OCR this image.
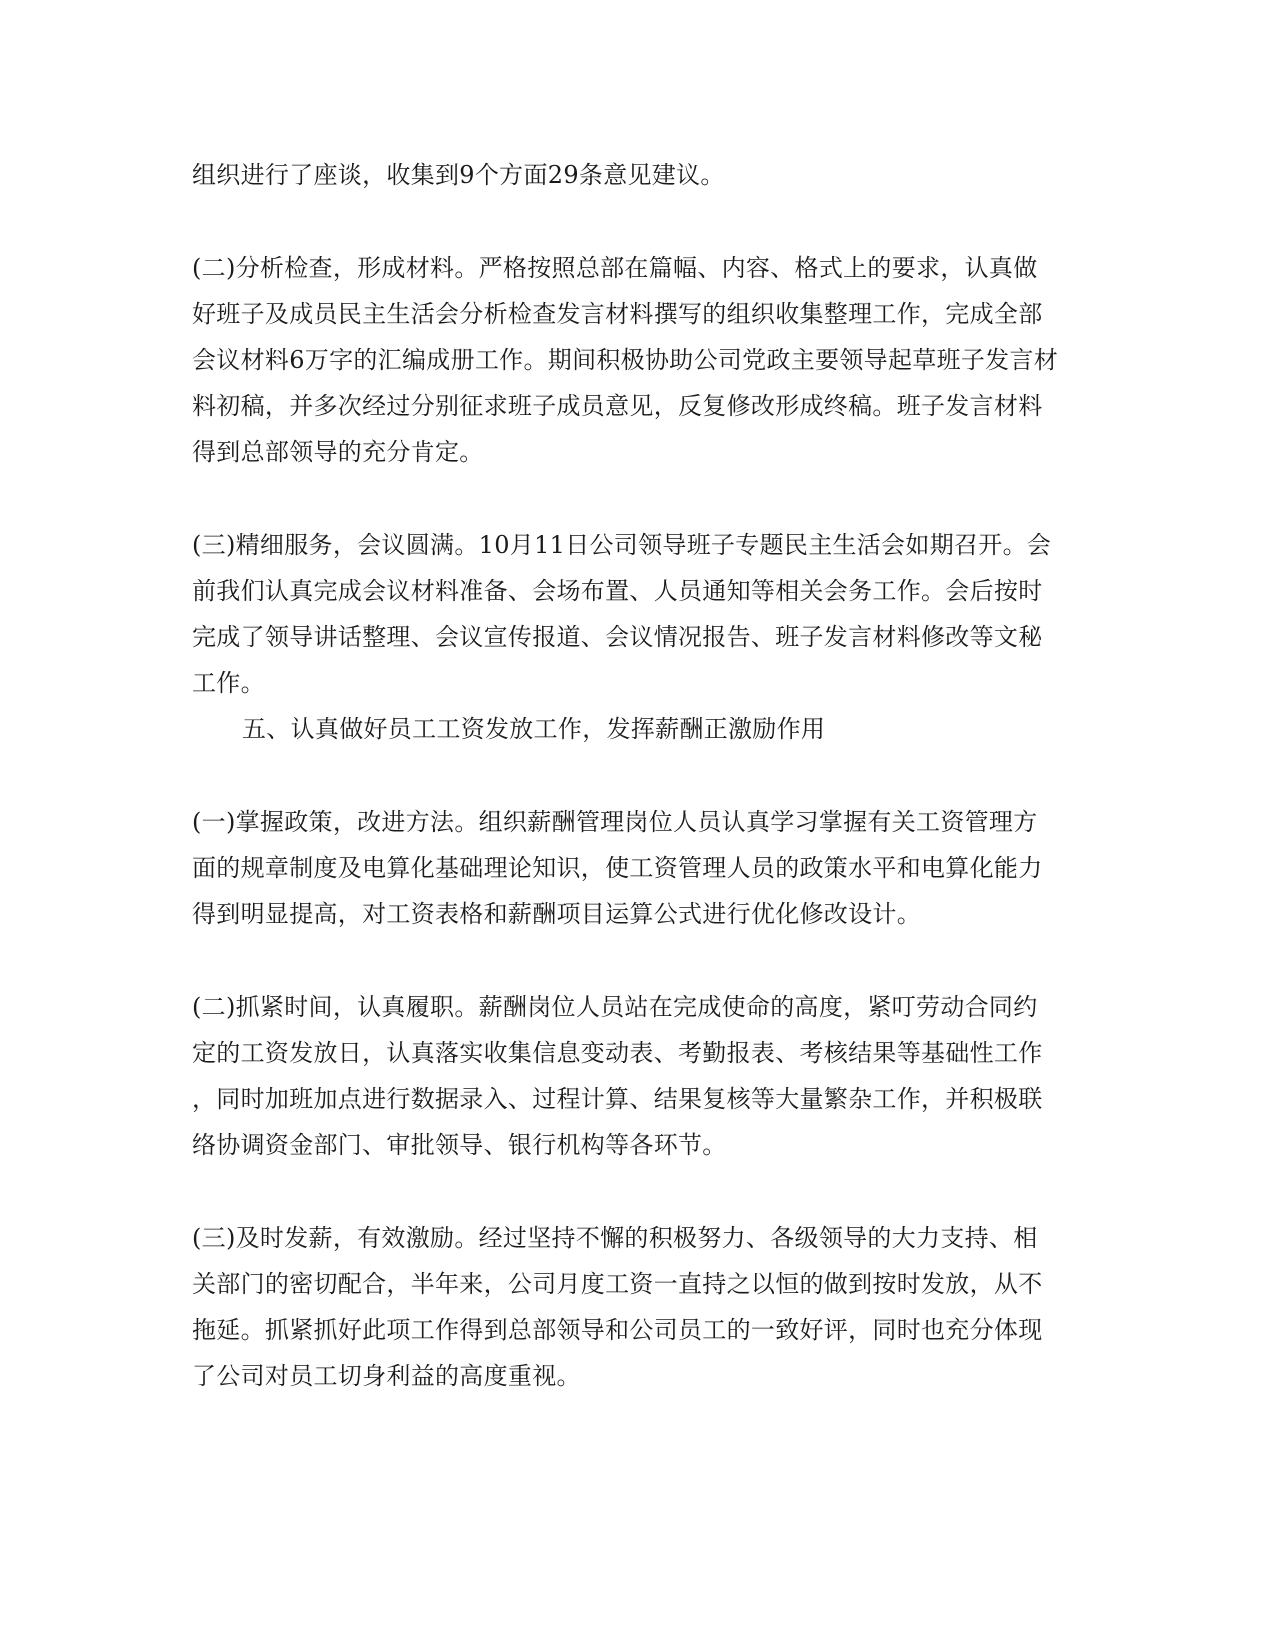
组织进行了座谈，收集到9个方面29条意见建议。
(二)分析检查，形成材料。严格按照总部在篇幅、内容、格式上的要求，认真做
好班子及成员民主生活会分析检查发言材料撰写的组织收集整理工作，完成全部
会议材料6万字的汇编成册工作。期间积极协助公司党政主要领导起草班子发言材
料初稿，并多次经过分别征求班子成员意见，反复修改形成终稿。班子发言材料
得到总部领导的充分肯定。
(三)精细服务，会议圆满。10月11日公司领导班子专题民主生活会如期召开。会
前我们认真完成会议材料准备、会场布置、人员通知等相关会务工作。会后按时
完成了领导讲话整理、会议宣传报道、会议情况报告、班子发言材料修改等文秘
工作。
五、认真做好员工工资发放工作，发挥薪酬正激励作用
(一)掌握政策，改进方法。组织薪酬管理岗位人员认真学习掌握有关工资管理方
面的规章制度及电算化基础理论知识，使工资管理人员的政策水平和电算化能力
得到明显提高，对工资表格和薪酬项目运算公式进行优化修改设计。
(二)抓紧时间，认真履职。薪酬岗位人员站在完成使命的高度，紧叮劳动合同约
定的工资发放日，认真落实收集信息变动表、考勤报表、考核结果等基础性工作
，同时加班加点进行数据录入、过程计算、结果复核等大量繁杂工作，并积极联
络协调资金部门、审批领导、银行机构等各环节。
(三)及时发薪，有效激励。经过坚持不懈的积极努力、各级领导的大力支持、相
关部门的密切配合，半年来，公司月度工资一直持之以恒的做到按时发放，从不
拖延。抓紧抓好此项工作得到总部领导和公司员工的一致好评，同时也充分体现
了公司对员工切身利益的高度重视。
